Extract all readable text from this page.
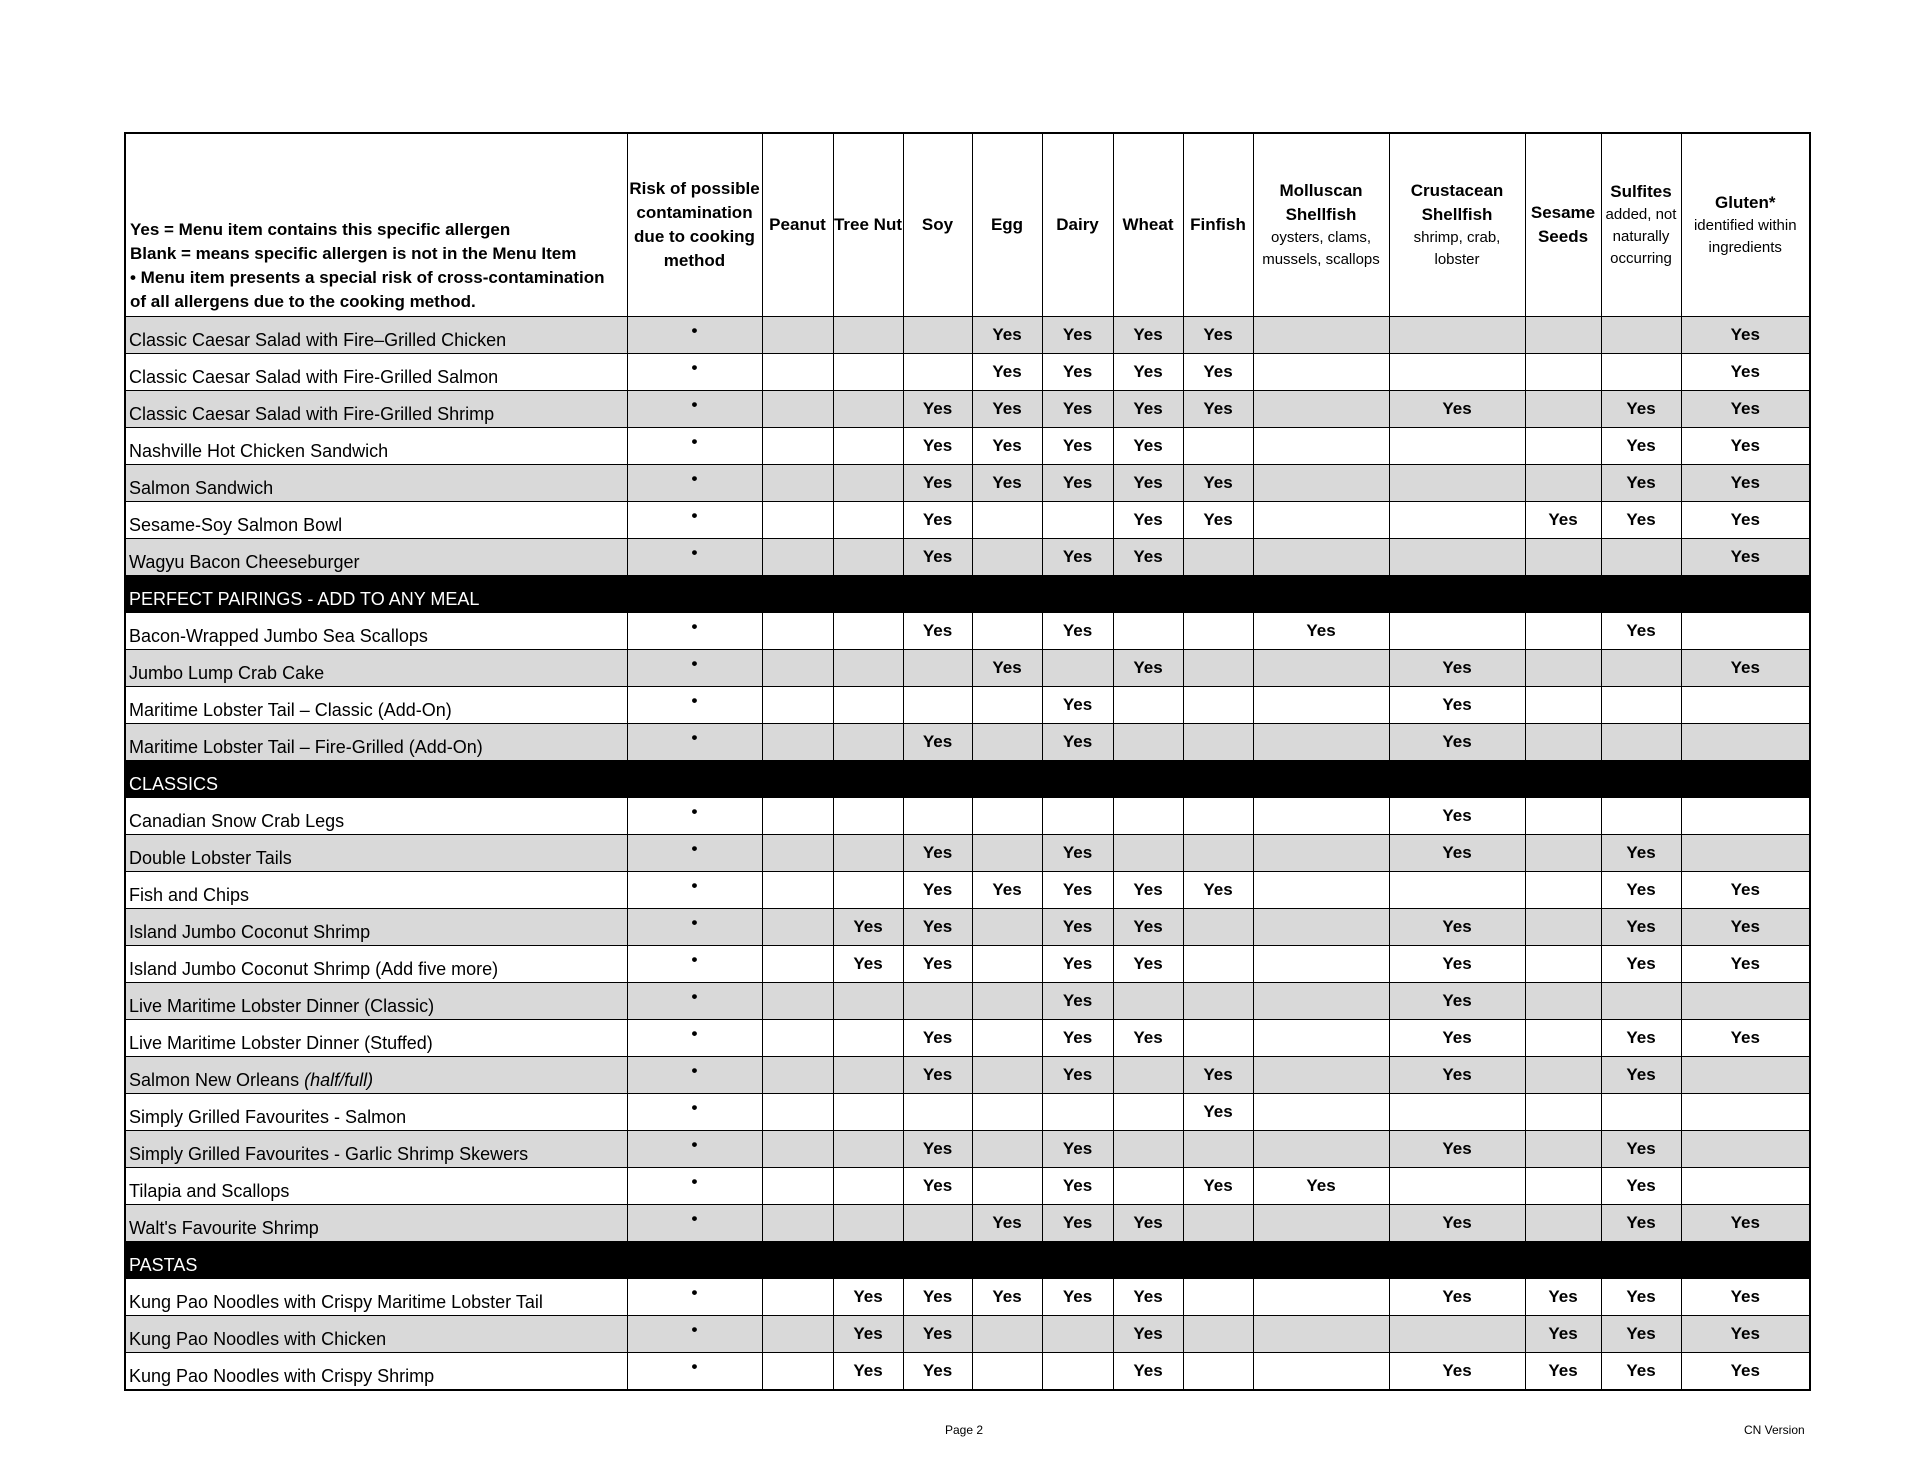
Yes = Menu item contains this specific allergen
Blank = means specific allergen is not in the Menu Item
• Menu item presents a special risk of cross-contamination
of all allergens due to the cooking method.	Risk of possible contamination due to cooking method	Peanut	Tree Nut	Soy	Egg	Dairy	Wheat	Finfish	Molluscan Shellfish
oysters, clams, mussels, scallops	Crustacean Shellfish
shrimp, crab, lobster	Sesame Seeds	Sulfites
added, not naturally occurring	Gluten*
identified within ingredients

Classic Caesar Salad with Fire–Grilled Chicken	•				Yes	Yes	Yes	Yes					Yes
Classic Caesar Salad with Fire-Grilled Salmon	•				Yes	Yes	Yes	Yes					Yes
Classic Caesar Salad with Fire-Grilled Shrimp	•			Yes	Yes	Yes	Yes	Yes		Yes		Yes	Yes
Nashville Hot Chicken Sandwich	•			Yes	Yes	Yes	Yes					Yes	Yes
Salmon Sandwich	•			Yes	Yes	Yes	Yes	Yes				Yes	Yes
Sesame-Soy Salmon Bowl	•			Yes			Yes	Yes			Yes	Yes	Yes
Wagyu Bacon Cheeseburger	•			Yes		Yes	Yes						Yes
PERFECT PAIRINGS - ADD TO ANY MEAL													
Bacon-Wrapped Jumbo Sea Scallops	•			Yes		Yes			Yes			Yes	
Jumbo Lump Crab Cake	•				Yes		Yes			Yes			Yes
Maritime Lobster Tail – Classic (Add-On)	•					Yes				Yes			
Maritime Lobster Tail – Fire-Grilled (Add-On)	•			Yes		Yes				Yes			
CLASSICS													
Canadian Snow Crab Legs	•									Yes			
Double Lobster Tails	•			Yes		Yes				Yes		Yes	
Fish and Chips	•			Yes	Yes	Yes	Yes	Yes				Yes	Yes
Island Jumbo Coconut Shrimp	•		Yes	Yes		Yes	Yes			Yes		Yes	Yes
Island Jumbo Coconut Shrimp (Add five more)	•		Yes	Yes		Yes	Yes			Yes		Yes	Yes
Live Maritime Lobster Dinner (Classic)	•					Yes				Yes			
Live Maritime Lobster Dinner (Stuffed)	•			Yes		Yes	Yes			Yes		Yes	Yes
Salmon New Orleans (half/full)	•			Yes		Yes		Yes		Yes		Yes	
Simply Grilled Favourites - Salmon	•							Yes					
Simply Grilled Favourites - Garlic Shrimp Skewers	•			Yes		Yes				Yes		Yes	
Tilapia and Scallops	•			Yes		Yes		Yes	Yes			Yes	
Walt's Favourite Shrimp	•				Yes	Yes	Yes			Yes		Yes	Yes
PASTAS													
Kung Pao Noodles with Crispy Maritime Lobster Tail	•		Yes	Yes	Yes	Yes	Yes			Yes	Yes	Yes	Yes
Kung Pao Noodles with Chicken	•		Yes	Yes			Yes				Yes	Yes	Yes
Kung Pao Noodles with Crispy Shrimp	•		Yes	Yes			Yes			Yes	Yes	Yes	Yes
Page 2	CN Version
